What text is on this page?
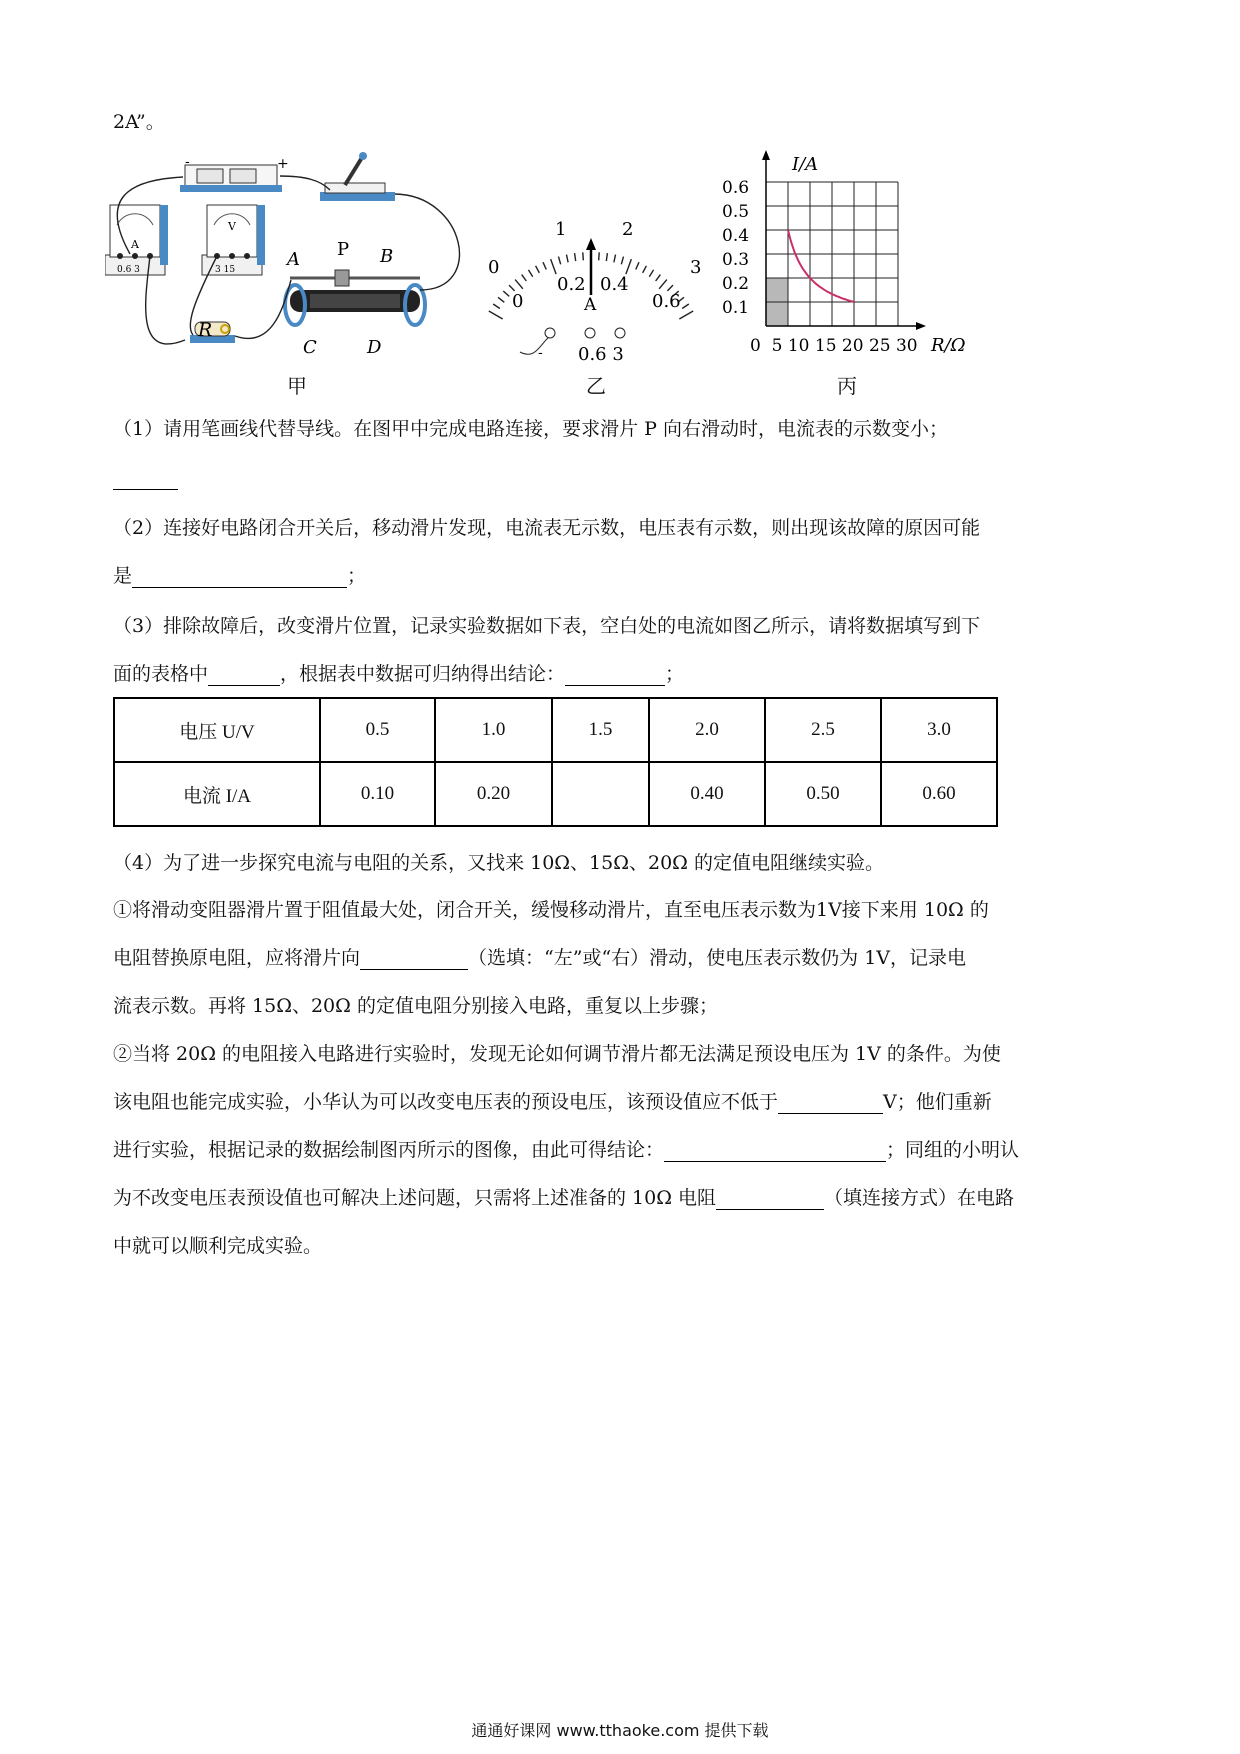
2A”。
-	+
A
0.6 3
V
3 15
R
A P B
C	D
甲
0
1	2
3
0
0.2 0.4
0.6
A
- 0.6 3
乙
I/A
0.6
0.5
0.4
0.3
0.2
0.1
0  5 10 15 20 25 30 R/Ω
丙
（1）请用笔画线代替导线。在图甲中完成电路连接，要求滑片 P 向右滑动时，电流表的示数变小；
（2）连接好电路闭合开关后，移动滑片发现，电流表无示数，电压表有示数，则出现该故障的原因可能
是	；
（3）排除故障后，改变滑片位置，记录实验数据如下表，空白处的电流如图乙所示，请将数据填写到下
面的表格中	，根据表中数据可归纳得出结论：	；
电压 U/V	0.5	1.0	1.5	2.0	2.5	3.0
电流 I/A	0.10	0.20		0.40	0.50	0.60
（4）为了进一步探究电流与电阻的关系，又找来 10Ω、15Ω、20Ω 的定值电阻继续实验。
①将滑动变阻器滑片置于阻值最大处，闭合开关，缓慢移动滑片，直至电压表示数为1V接下来用 10Ω 的
电阻替换原电阻，应将滑片向	（选填：“左”或“右）滑动，使电压表示数仍为 1V，记录电
流表示数。再将 15Ω、20Ω 的定值电阻分别接入电路，重复以上步骤；
②当将 20Ω 的电阻接入电路进行实验时，发现无论如何调节滑片都无法满足预设电压为 1V 的条件。为使
该电阻也能完成实验，小华认为可以改变电压表的预设电压，该预设值应不低于	V；他们重新
进行实验，根据记录的数据绘制图丙所示的图像，由此可得结论：	；同组的小明认
为不改变电压表预设值也可解决上述问题，只需将上述准备的 10Ω 电阻	（填连接方式）在电路
中就可以顺利完成实验。
通通好课网 www.tthaoke.com 提供下载
